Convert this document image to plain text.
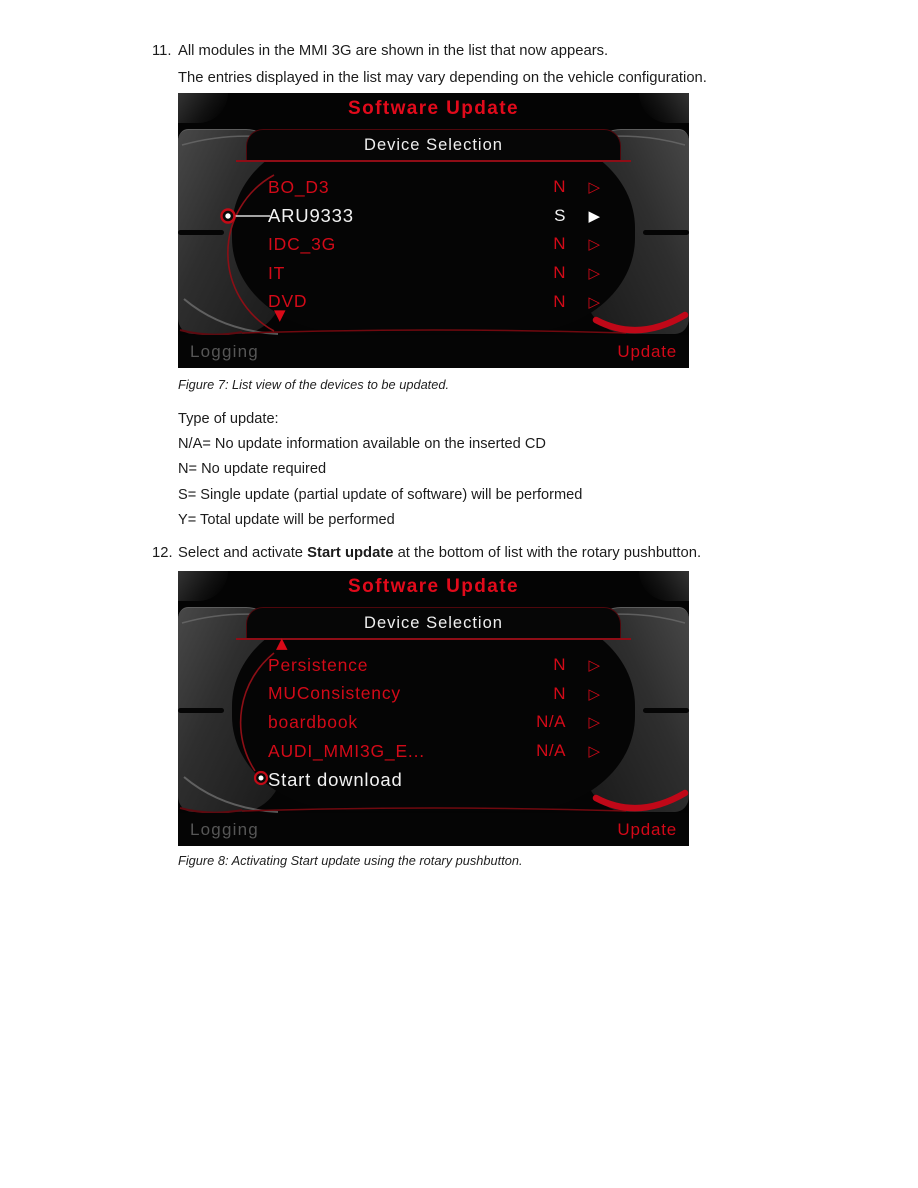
11. All modules in the MMI 3G are shown in the list that now appears.
The entries displayed in the list may vary depending on the vehicle configuration.
Software Update
Device Selection
BO_D3	N	▷
ARU9333	S	▶
IDC_3G	N	▷
IT	N	▷
DVD	N	▷
▼
Logging	Update
Figure 7: List view of the devices to be updated.
Type of update:
N/A= No update information available on the inserted CD
N= No update required
S= Single update (partial update of software) will be performed
Y= Total update will be performed
12. Select and activate Start update at the bottom of list with the rotary pushbutton.
Software Update
Device Selection
Persistence	N	▷
MUConsistency	N	▷
boardbook	N/A	▷
AUDI_MMI3G_E...	N/A	▷
Start download
▲
Logging	Update
Figure 8: Activating Start update using the rotary pushbutton.
